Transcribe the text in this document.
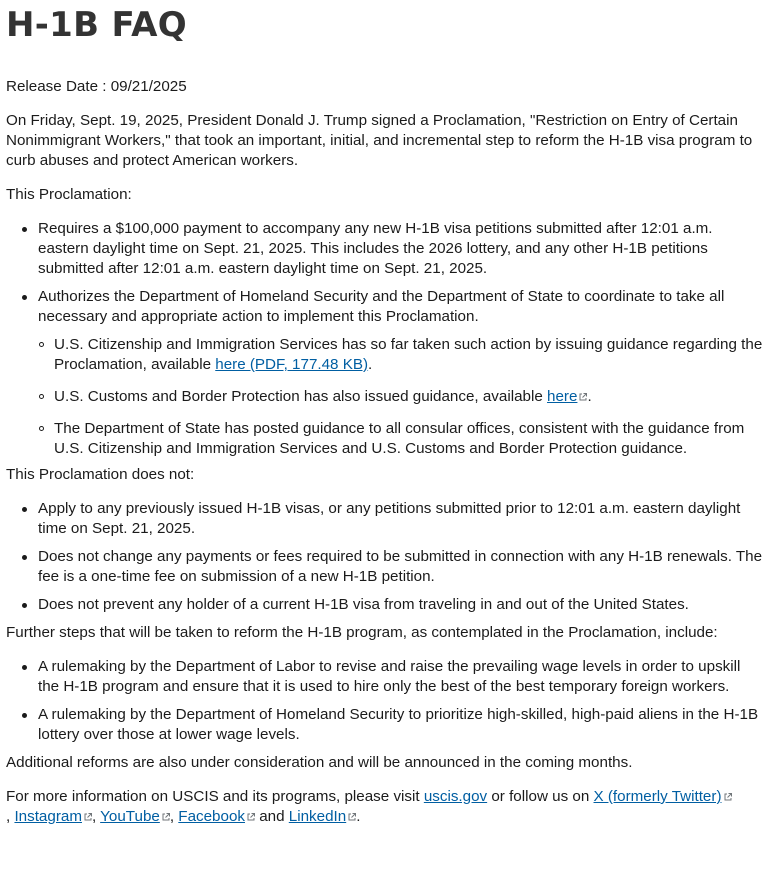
H-1B FAQ

Release Date : 09/21/2025

On Friday, Sept. 19, 2025, President Donald J. Trump signed a Proclamation, "Restriction on Entry of Certain Nonimmigrant Workers," that took an important, initial, and incremental step to reform the H-1B visa program to curb abuses and protect American workers.

This Proclamation:

Requires a $100,000 payment to accompany any new H-1B visa petitions submitted after 12:01 a.m. eastern daylight time on Sept. 21, 2025. This includes the 2026 lottery, and any other H-1B petitions submitted after 12:01 a.m. eastern daylight time on Sept. 21, 2025.
Authorizes the Department of Homeland Security and the Department of State to coordinate to take all necessary and appropriate action to implement this Proclamation.
U.S. Citizenship and Immigration Services has so far taken such action by issuing guidance regarding the Proclamation, available here (PDF, 177.48 KB).
U.S. Customs and Border Protection has also issued guidance, available here .
The Department of State has posted guidance to all consular offices, consistent with the guidance from U.S. Citizenship and Immigration Services and U.S. Customs and Border Protection guidance.

This Proclamation does not:

Apply to any previously issued H-1B visas, or any petitions submitted prior to 12:01 a.m. eastern daylight time on Sept. 21, 2025.
Does not change any payments or fees required to be submitted in connection with any H-1B renewals. The fee is a one-time fee on submission of a new H-1B petition.
Does not prevent any holder of a current H-1B visa from traveling in and out of the United States.

Further steps that will be taken to reform the H-1B program, as contemplated in the Proclamation, include:

A rulemaking by the Department of Labor to revise and raise the prevailing wage levels in order to upskill the H-1B program and ensure that it is used to hire only the best of the best temporary foreign workers.
A rulemaking by the Department of Homeland Security to prioritize high-skilled, high-paid aliens in the H-1B lottery over those at lower wage levels.

Additional reforms are also under consideration and will be announced in the coming months.

For more information on USCIS and its programs, please visit uscis.gov or follow us on X (formerly Twitter)

, Instagram , YouTube , Facebook
and LinkedIn .
